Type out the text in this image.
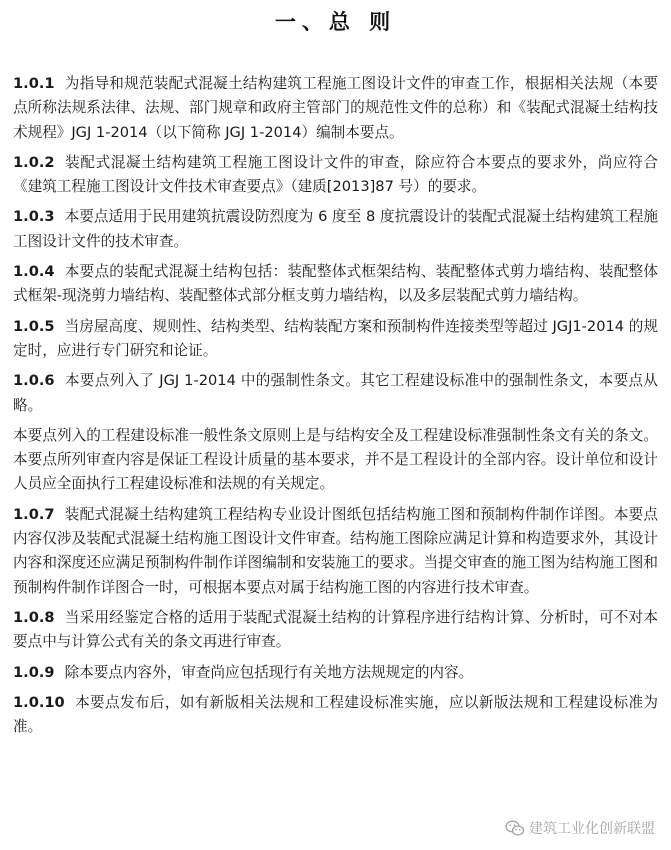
一、总 则

1.0.1 为指导和规范装配式混凝土结构建筑工程施工图设计文件的审查工作，根据相关法规（本要点所称法规系法律、法规、部门规章和政府主管部门的规范性文件的总称）和《装配式混凝土结构技术规程》JGJ 1-2014（以下简称 JGJ 1-2014）编制本要点。

1.0.2 装配式混凝土结构建筑工程施工图设计文件的审查，除应符合本要点的要求外，尚应符合《建筑工程施工图设计文件技术审查要点》（建质[2013]87 号）的要求。

1.0.3 本要点适用于民用建筑抗震设防烈度为 6 度至 8 度抗震设计的装配式混凝土结构建筑工程施工图设计文件的技术审查。

1.0.4 本要点的装配式混凝土结构包括：装配整体式框架结构、装配整体式剪力墙结构、装配整体式框架-现浇剪力墙结构、装配整体式部分框支剪力墙结构，以及多层装配式剪力墙结构。

1.0.5 当房屋高度、规则性、结构类型、结构装配方案和预制构件连接类型等超过 JGJ1-2014 的规定时，应进行专门研究和论证。

1.0.6 本要点列入了 JGJ 1-2014 中的强制性条文。其它工程建设标准中的强制性条文，本要点从略。

本要点列入的工程建设标准一般性条文原则上是与结构安全及工程建设标准强制性条文有关的条文。本要点所列审查内容是保证工程设计质量的基本要求，并不是工程设计的全部内容。设计单位和设计人员应全面执行工程建设标准和法规的有关规定。

1.0.7 装配式混凝土结构建筑工程结构专业设计图纸包括结构施工图和预制构件制作详图。本要点内容仅涉及装配式混凝土结构施工图设计文件审查。结构施工图除应满足计算和构造要求外，其设计内容和深度还应满足预制构件制作详图编制和安装施工的要求。当提交审查的施工图为结构施工图和预制构件制作详图合一时，可根据本要点对属于结构施工图的内容进行技术审查。

1.0.8 当采用经鉴定合格的适用于装配式混凝土结构的计算程序进行结构计算、分析时，可不对本要点中与计算公式有关的条文再进行审查。

1.0.9 除本要点内容外，审查尚应包括现行有关地方法规规定的内容。

1.0.10 本要点发布后，如有新版相关法规和工程建设标准实施，应以新版法规和工程建设标准为准。

建筑工业化创新联盟
